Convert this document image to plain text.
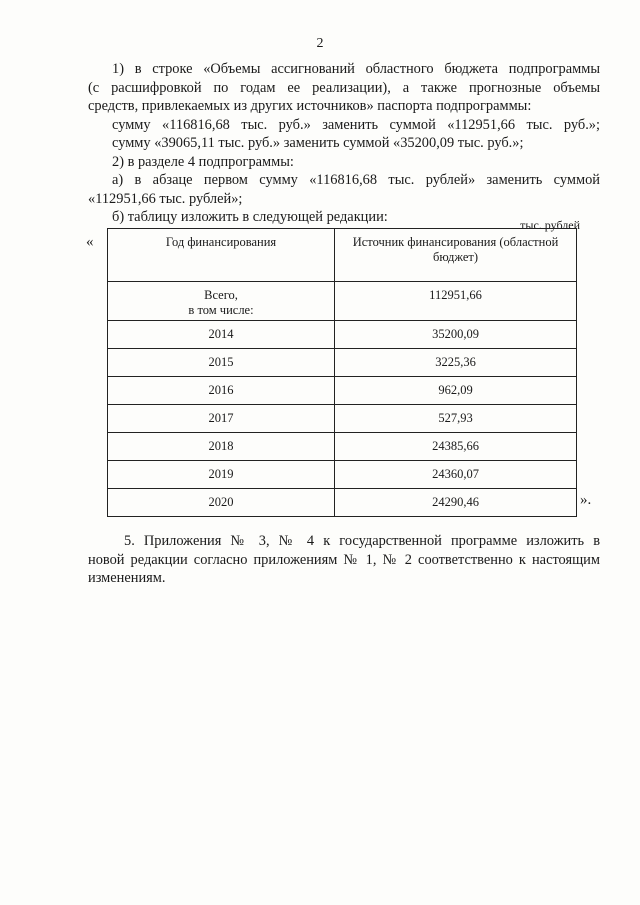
2
1) в строке «Объемы ассигнований областного бюджета подпрограммы
(с расшифровкой по годам ее реализации), а также прогнозные объемы
средств, привлекаемых из других источников» паспорта подпрограммы:
сумму «116816,68 тыс. руб.» заменить суммой «112951,66 тыс. руб.»;
сумму «39065,11 тыс. руб.» заменить суммой «35200,09 тыс. руб.»;
2) в разделе 4 подпрограммы:
а) в абзаце первом сумму «116816,68 тыс. рублей» заменить суммой
«112951,66 тыс. рублей»;
б) таблицу изложить в следующей редакции:	тыс. рублей
«	Год финансирования	Источник финансирования (областной бюджет)
Всего,
в том числе:	112951,66
2014	35200,09
2015	3225,36
2016	962,09
2017	527,93
2018	24385,66
2019	24360,07
2020	24290,46	».
5. Приложения № 3, № 4 к государственной программе изложить в
новой редакции согласно приложениям № 1, № 2 соответственно к настоящим
изменениям.
